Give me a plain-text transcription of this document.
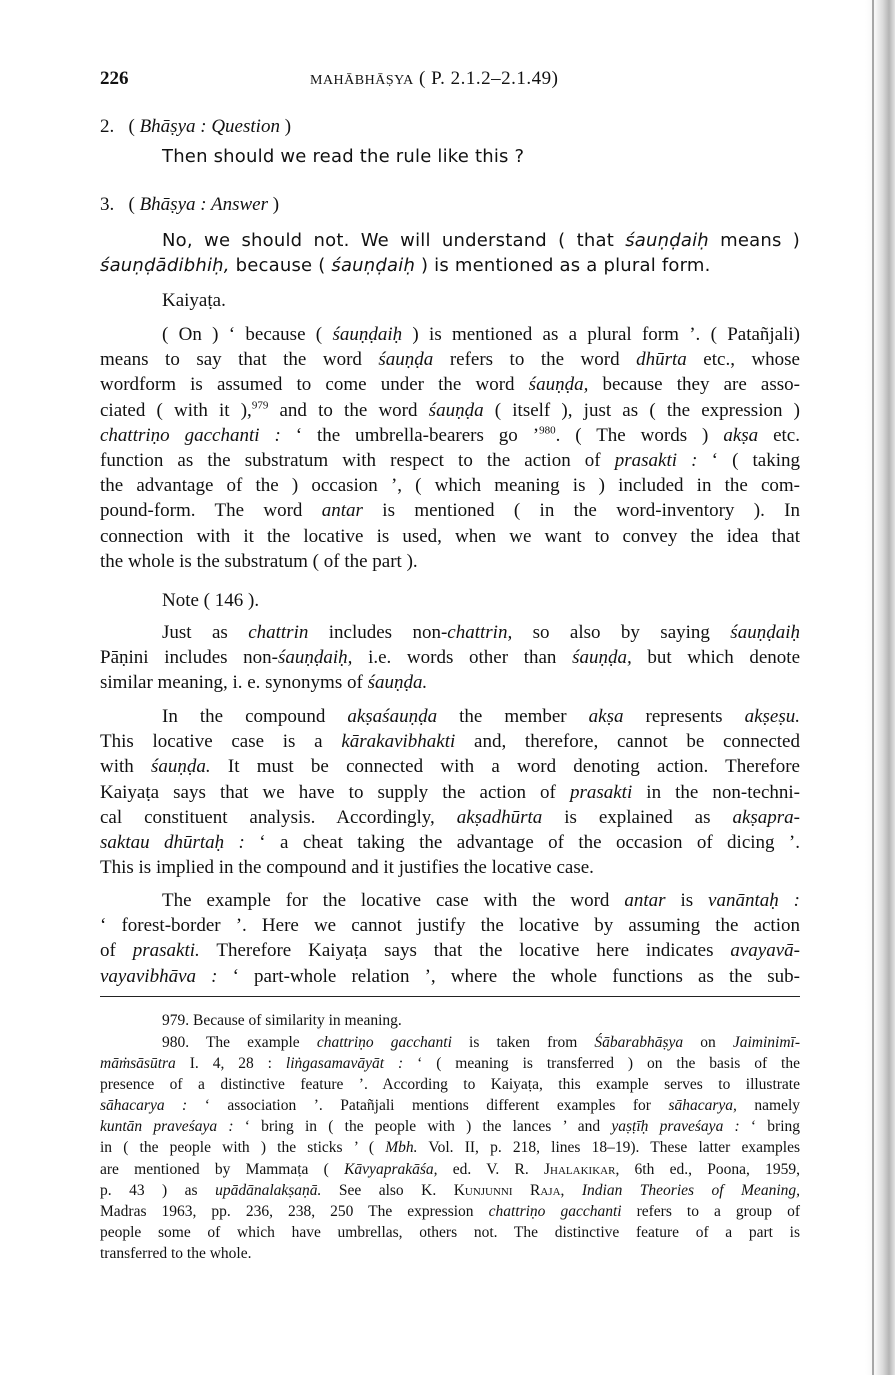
226	MAHĀBHĀṢYA ( P. 2.1.2–2.1.49)
2. ( Bhāṣya : Question )
Then should we read the rule like this ?
3. ( Bhāṣya : Answer )
No, we should not. We will understand ( that śauṇḍaiḥ means )
śauṇḍādibhiḥ, because ( śauṇḍaiḥ ) is mentioned as a plural form.
Kaiyaṭa.
( On ) ‘ because ( śauṇḍaiḥ ) is mentioned as a plural form ’. ( Patañjali)
means to say that the word śauṇḍa refers to the word dhūrta etc., whose
wordform is assumed to come under the word śauṇḍa, because they are asso-
ciated ( with it ),$^{979}$ and to the word śauṇḍa ( itself ), just as ( the expression )
chattriṇo gacchanti : ‘ the umbrella-bearers go ’$^{980}$. ( The words ) akṣa etc.
function as the substratum with respect to the action of prasakti : ‘ ( taking
the advantage of the ) occasion ’, ( which meaning is ) included in the com-
pound-form. The word antar is mentioned ( in the word-inventory ). In
connection with it the locative is used, when we want to convey the idea that
the whole is the substratum ( of the part ).
Note ( 146 ).
Just as chattrin includes non-chattrin, so also by saying śauṇḍaiḥ
Pāṇini includes non-śauṇḍaiḥ, i.e. words other than śauṇḍa, but which denote
similar meaning, i. e. synonyms of śauṇḍa.
In the compound akṣaśauṇḍa the member akṣa represents akṣeṣu.
This locative case is a kārakavibhakti and, therefore, cannot be connected
with śauṇḍa. It must be connected with a word denoting action. Therefore
Kaiyaṭa says that we have to supply the action of prasakti in the non-techni-
cal constituent analysis. Accordingly, akṣadhūrta is explained as akṣapra-
saktau dhūrtaḥ : ‘ a cheat taking the advantage of the occasion of dicing ’.
This is implied in the compound and it justifies the locative case.
The example for the locative case with the word antar is vanāntaḥ :
‘ forest-border ’. Here we cannot justify the locative by assuming the action
of prasakti. Therefore Kaiyaṭa says that the locative here indicates avayavā-
vayavibhāva : ‘ part-whole relation ’, where the whole functions as the sub-
979. Because of similarity in meaning.
980. The example chattriṇo gacchanti is taken from Śābarabhāṣya on Jaiminimī-
māṁsāsūtra I. 4, 28 : liṅgasamavāyāt : ‘ ( meaning is transferred ) on the basis of the
presence of a distinctive feature ’. According to Kaiyaṭa, this example serves to illustrate
sāhacarya : ‘ association ’. Patañjali mentions different examples for sāhacarya, namely
kuntān praveśaya : ‘ bring in ( the people with ) the lances ’ and yaṣṭīḥ praveśaya : ‘ bring
in ( the people with ) the sticks ’ ( Mbh. Vol. II, p. 218, lines 18–19). These latter examples
are mentioned by Mammaṭa ( Kāvyaprakāśa, ed. V. R. Jhalakikar, 6th ed., Poona, 1959,
p. 43 ) as upādānalakṣaṇā. See also K. Kunjunni Raja, Indian Theories of Meaning,
Madras 1963, pp. 236, 238, 250 The expression chattriṇo gacchanti refers to a group of
people some of which have umbrellas, others not. The distinctive feature of a part is
transferred to the whole.
